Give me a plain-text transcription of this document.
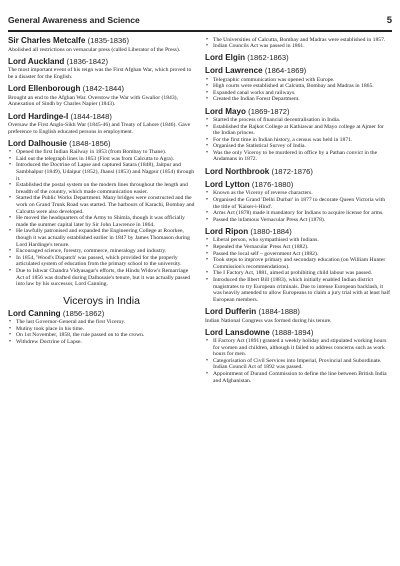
General Awareness and Science	5
Sir Charles Metcalfe (1835-1836)

Abolished all restrictions on vernacular press (called Liberator of the Press).

Lord Auckland (1836-1842)

The most important event of his reign was the First Afghan War, which proved to be a disaster for the English.

Lord Ellenborough (1842-1844)

Brought an end to the Afghan War. Overstow the War with Gwalior (1843), Annexation of Sindh by Charles Napier (1843).

Lord Hardinge-I (1844-1848)

Oversaw the First Anglo-Sikh War (1845-46) and Treaty of Lahore (1846). Gave preference to English educated persons in employment.

Lord Dalhousie (1848-1856)
• Opened the first Indian Railway in 1853 (from Bombay to Thane).
• Laid out the telegraph lines in 1853 (First was from Calcutta to Agra).
• Introduced the Doctrine of Lapse and captured Satara (1848), Jaitpur and Sambhalpur (1849), Udaipur (1852), Jhansi (1853) and Nagpur (1854) through it.
• Established the postal system on the modern lines throughout the length and breadth of the country, which made communication easier.
• Started the Public Works Department. Many bridges were constructed and the work on Grand Trunk Road was started. The harbours of Karachi, Bombay and Calcutta were also developed.
• He moved the headquarters of the Army to Shimla, though it was officially made the summer capital later by Sir John Lawrence in 1864.
• He lawfully patronised and expanded the Engineering College at Roorkee, though it was actually established earlier in 1847 by James Thomason during Lord Hardinge's tenure.
• Encouraged science, forestry, commerce, mineralogy and industry.
• In 1854, 'Wood's Dispatch' was passed, which provided for the properly articulated system of education from the primary school to the university.
• Due to Ishwar Chandra Vidyasagar's efforts, the Hindu Widow's Remarriage Act of 1856 was drafted during Dalhousie's tenure, but it was actually passed into law by his successor, Lord Canning.
Viceroys in India
Lord Canning (1856-1862)
• The last Governor-General and the first Viceroy.
• Mutiny took place in his time.
• On 1st November, 1858, the rule passed on to the crown.
• Withdrew Doctrine of Lapse.
• The Universities of Calcutta, Bombay and Madras were established in 1857.
• Indian Councils Act was passed in 1861.
Lord Elgin (1862-1863)
Lord Lawrence (1864-1869)
• Telegraphic communication was opened with Europe.
• High courts were established at Calcutta, Bombay and Madras in 1865.
• Expanded canal works and railways.
• Created the Indian Forest Department.
Lord Mayo (1869-1872)
• Started the process of financial decentralisation in India.
• Established the Rajkot College at Kathiawar and Mayo college at Ajmer for the Indian princes.
• For the first time in Indian history, a census was held in 1871.
• Organised the Statistical Survey of India.
• Was the only Viceroy to be murdered in office by a Pathan convict in the Andamans in 1872.
Lord Northbrook (1872-1876)
Lord Lytton (1876-1880)
• Known as the Viceroy of reverse characters.
• Organised the Grand 'Delhi Durbar' in 1877 to decorate Queen Victoria with the title of 'Kaiser-i-Hind'.
• Arms Act (1878) made it mandatory for Indians to acquire license for arms.
• Passed the infamous Vernacular Press Act (1878).
Lord Ripon (1880-1884)
• Liberal person, who sympathised with Indians.
• Repealed the Vernacular Press Act (1882).
• Passed the local self – government Act (1882).
• Took steps to improve primary and secondary education (on William Hunter Commission's recommendations).
• The I Factory Act, 1881, aimed at prohibiting child labour was passed.
• Introduced the Ilbert Bill (1883), which initially enabled Indian district magistrates to try European criminals. Due to intense European backlash, it was heavily amended to allow Europeans to claim a jury trial with at least half European members.
Lord Dufferin (1884-1888)

Indian National Congress was formed during his tenure.

Lord Lansdowne (1888-1894)
• II Factory Act (1891) granted a weekly holiday and stipulated working hours for women and children, although it failed to address concerns such as work hours for men.
• Categorisation of Civil Services into Imperial, Provincial and Subordinate. Indian Council Act of 1892 was passed.
• Appointment of Durand Commission to define the line between British India and Afghanistan.
